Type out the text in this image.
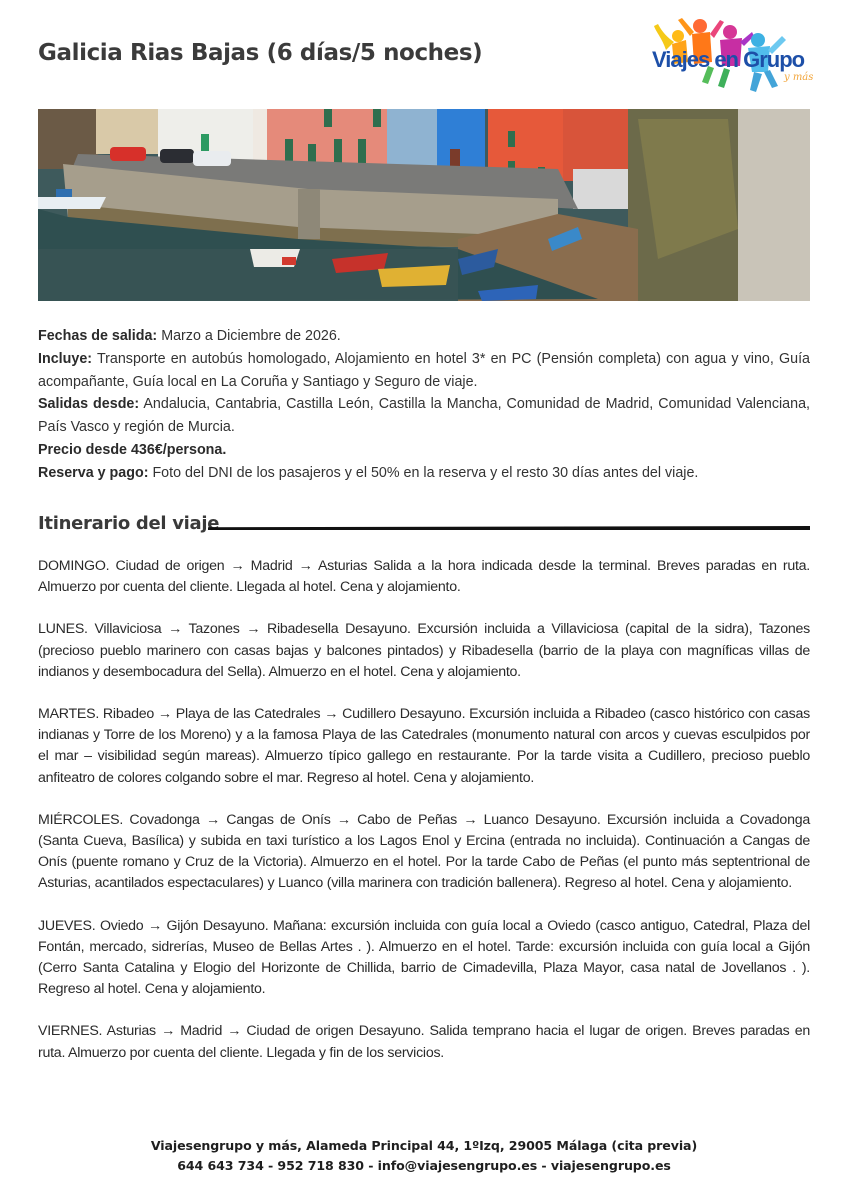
Galicia Rias Bajas (6 días/5 noches)	Viajes en Grupo
y más

Fechas de salida: Marzo a Diciembre de 2026.

Incluye: Transporte en autobús homologado, Alojamiento en hotel 3* en PC (Pensión completa) con agua y vino, Guía acompañante, Guía local en La Coruña y Santiago y Seguro de viaje.

Salidas desde: Andalucia, Cantabria, Castilla León, Castilla la Mancha, Comunidad de Madrid, Comunidad Valenciana, País Vasco y región de Murcia.

Precio desde 436€/persona.

Reserva y pago: Foto del DNI de los pasajeros y el 50% en la reserva y el resto 30 días antes del viaje.

Itinerario del viaje

DOMINGO. Ciudad de origen → Madrid → Asturias Salida a la hora indicada desde la terminal. Breves paradas en ruta. Almuerzo por cuenta del cliente. Llegada al hotel. Cena y alojamiento.

LUNES. Villaviciosa → Tazones → Ribadesella Desayuno. Excursión incluida a Villaviciosa (capital de la sidra), Tazones (precioso pueblo marinero con casas bajas y balcones pintados) y Ribadesella (barrio de la playa con magníficas villas de indianos y desembocadura del Sella). Almuerzo en el hotel. Cena y alojamiento.

MARTES. Ribadeo → Playa de las Catedrales → Cudillero Desayuno. Excursión incluida a Ribadeo (casco histórico con casas indianas y Torre de los Moreno) y a la famosa Playa de las Catedrales (monumento natural con arcos y cuevas esculpidos por el mar – visibilidad según mareas). Almuerzo típico gallego en restaurante. Por la tarde visita a Cudillero, precioso pueblo anfiteatro de colores colgando sobre el mar. Regreso al hotel. Cena y alojamiento.

MIÉRCOLES. Covadonga → Cangas de Onís → Cabo de Peñas → Luanco Desayuno. Excursión incluida a Covadonga (Santa Cueva, Basílica) y subida en taxi turístico a los Lagos Enol y Ercina (entrada no incluida). Continuación a Cangas de Onís (puente romano y Cruz de la Victoria). Almuerzo en el hotel. Por la tarde Cabo de Peñas (el punto más septentrional de Asturias, acantilados espectaculares) y Luanco (villa marinera con tradición ballenera). Regreso al hotel. Cena y alojamiento.

JUEVES. Oviedo → Gijón Desayuno. Mañana: excursión incluida con guía local a Oviedo (casco antiguo, Catedral, Plaza del Fontán, mercado, sidrerías, Museo de Bellas Artes . ). Almuerzo en el hotel. Tarde: excursión incluida con guía local a Gijón (Cerro Santa Catalina y Elogio del Horizonte de Chillida, barrio de Cimadevilla, Plaza Mayor, casa natal de Jovellanos . ). Regreso al hotel. Cena y alojamiento.

VIERNES. Asturias → Madrid → Ciudad de origen Desayuno. Salida temprano hacia el lugar de origen. Breves paradas en ruta. Almuerzo por cuenta del cliente. Llegada y fin de los servicios.

Viajesengrupo y más, Alameda Principal 44, 1ºIzq, 29005 Málaga (cita previa)
644 643 734 - 952 718 830 - info@viajesengrupo.es - viajesengrupo.es
